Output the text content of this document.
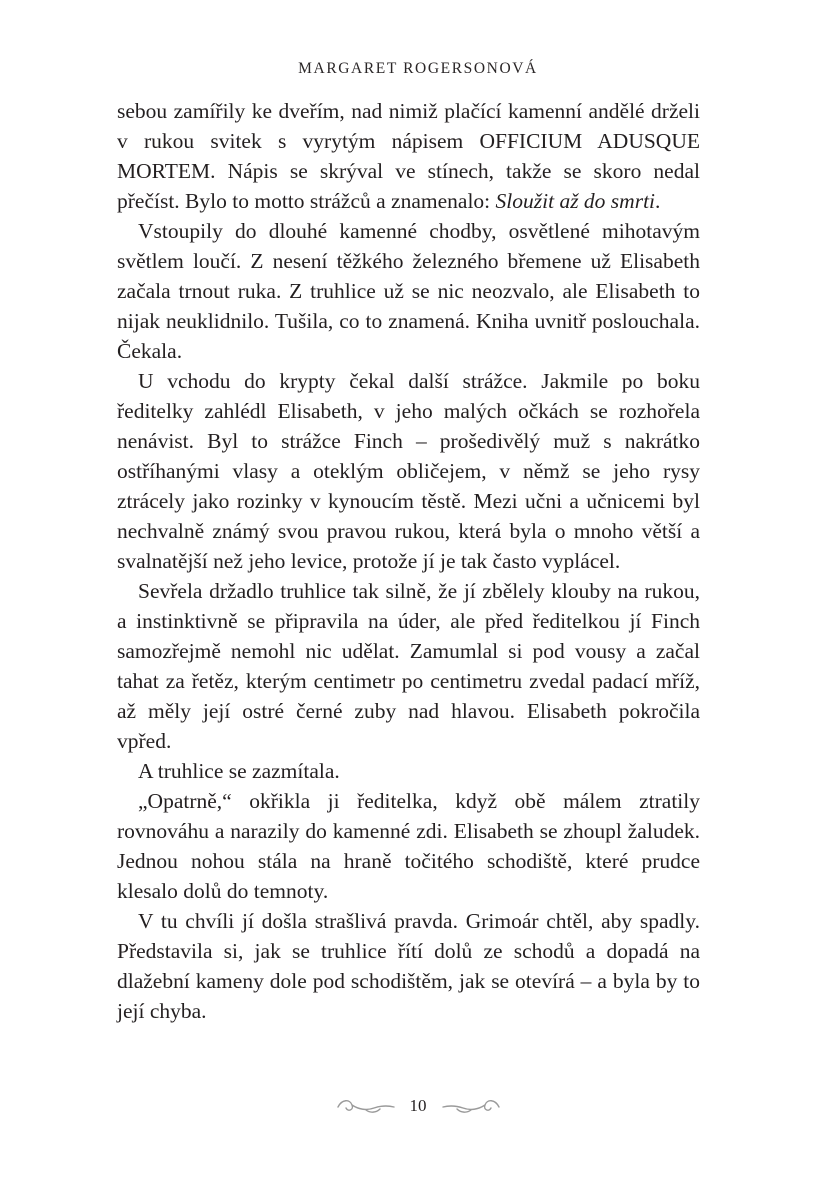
MARGARET ROGERSONOVÁ

sebou zamířily ke dveřím, nad nimiž plačící kamenní andělé drželi v rukou svitek s vyrytým nápisem OFFICIUM ADUSQUE MORTEM. Nápis se skrýval ve stínech, takže se skoro nedal přečíst. Bylo to motto strážců a znamenalo: Sloužit až do smrti.

Vstoupily do dlouhé kamenné chodby, osvětlené mihotavým světlem loučí. Z nesení těžkého železného břemene už Elisabeth začala trnout ruka. Z truhlice už se nic neozvalo, ale Elisabeth to nijak neuklidnilo. Tušila, co to znamená. Kniha uvnitř poslouchala. Čekala.

U vchodu do krypty čekal další strážce. Jakmile po boku ředitelky zahlédl Elisabeth, v jeho malých očkách se rozhořela nenávist. Byl to strážce Finch – prošedivělý muž s nakrátko ostříhanými vlasy a oteklým obličejem, v němž se jeho rysy ztrácely jako rozinky v kynoucím těstě. Mezi učni a učnicemi byl nechvalně známý svou pravou rukou, která byla o mnoho větší a svalnatější než jeho levice, protože jí je tak často vyplácel.

Sevřela držadlo truhlice tak silně, že jí zbělely klouby na rukou, a instinktivně se připravila na úder, ale před ředitelkou jí Finch samozřejmě nemohl nic udělat. Zamumlal si pod vousy a začal tahat za řetěz, kterým centimetr po centimetru zvedal padací mříž, až měly její ostré černé zuby nad hlavou. Elisabeth pokročila vpřed.

A truhlice se zazmítala.

„Opatrně,“ okřikla ji ředitelka, když obě málem ztratily rovnováhu a narazily do kamenné zdi. Elisabeth se zhoupl žaludek. Jednou nohou stála na hraně točitého schodiště, které prudce klesalo dolů do temnoty.

V tu chvíli jí došla strašlivá pravda. Grimoár chtěl, aby spadly. Představila si, jak se truhlice řítí dolů ze schodů a dopadá na dlažební kameny dole pod schodištěm, jak se otevírá – a byla by to její chyba.

10
